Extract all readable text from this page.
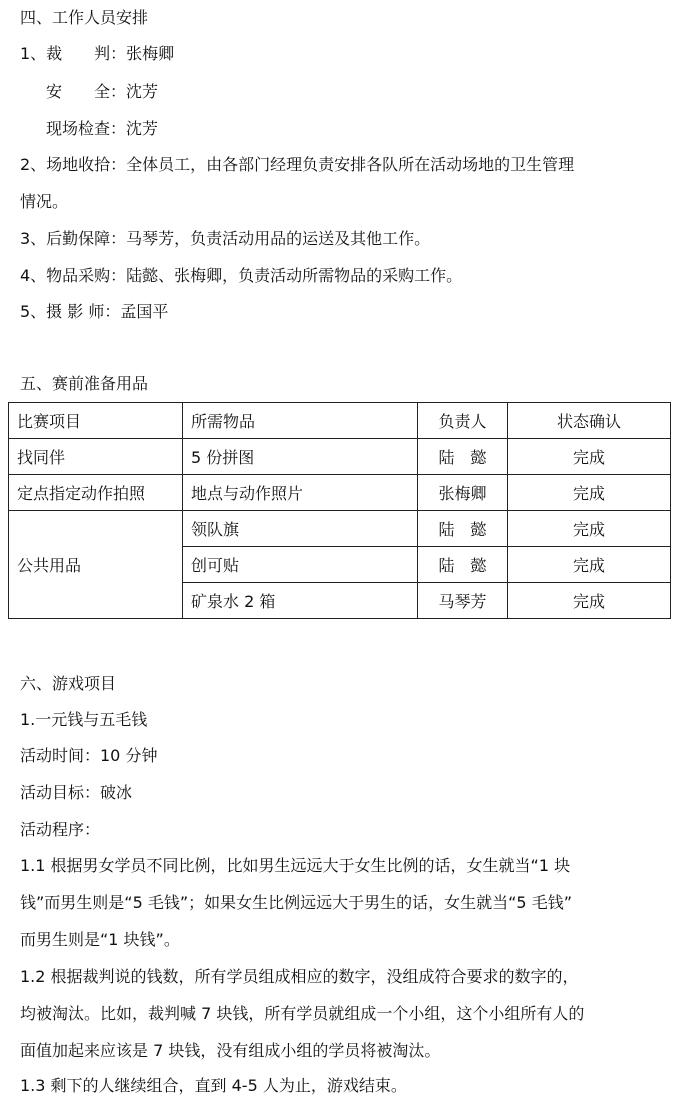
四、工作人员安排
1、裁　　判：张梅卿
安　　全：沈芳
现场检查：沈芳
2、场地收拾：全体员工，由各部门经理负责安排各队所在活动场地的卫生管理
情况。
3、后勤保障：马琴芳，负责活动用品的运送及其他工作。
4、物品采购：陆懿、张梅卿，负责活动所需物品的采购工作。
5、摄 影 师：孟国平
五、赛前准备用品
比赛项目	所需物品	负责人	状态确认
找同伴	5 份拼图	陆　懿	完成
定点指定动作拍照	地点与动作照片	张梅卿	完成
公共用品	领队旗	陆　懿	完成
	创可贴	陆　懿	完成
	矿泉水 2 箱	马琴芳	完成
六、游戏项目
1.一元钱与五毛钱
活动时间：10 分钟
活动目标：破冰
活动程序：
1.1 根据男女学员不同比例，比如男生远远大于女生比例的话，女生就当“1 块
钱”而男生则是“5 毛钱”；如果女生比例远远大于男生的话，女生就当“5 毛钱”
而男生则是“1 块钱”。
1.2 根据裁判说的钱数，所有学员组成相应的数字，没组成符合要求的数字的，
均被淘汰。比如，裁判喊 7 块钱，所有学员就组成一个小组，这个小组所有人的
面值加起来应该是 7 块钱，没有组成小组的学员将被淘汰。
1.3 剩下的人继续组合，直到 4-5 人为止，游戏结束。
